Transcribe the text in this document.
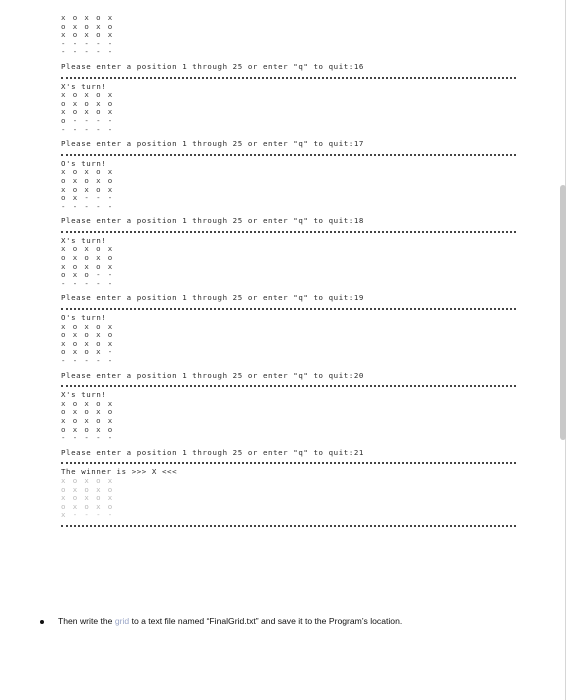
x o x o x
o x o x o
x o x o x
- - - - -
- - - - -
Please enter a position 1 through 25 or enter "q" to quit:16
X's turn!
x o x o x
o x o x o
x o x o x
o - - - -
- - - - -
Please enter a position 1 through 25 or enter "q" to quit:17
O's turn!
x o x o x
o x o x o
x o x o x
o x - - -
- - - - -
Please enter a position 1 through 25 or enter "q" to quit:18
X's turn!
x o x o x
o x o x o
x o x o x
o x o - -
- - - - -
Please enter a position 1 through 25 or enter "q" to quit:19
O's turn!
x o x o x
o x o x o
x o x o x
o x o x -
- - - - -
Please enter a position 1 through 25 or enter "q" to quit:20
X's turn!
x o x o x
o x o x o
x o x o x
o x o x o
- - - - -
Please enter a position 1 through 25 or enter "q" to quit:21
The winner is >>> X <<<
x o x o x
o x o x o
x o x o x
o x o x o
x - - - -
Then write the grid to a text file named “FinalGrid.txt” and save it to the Program’s location.
